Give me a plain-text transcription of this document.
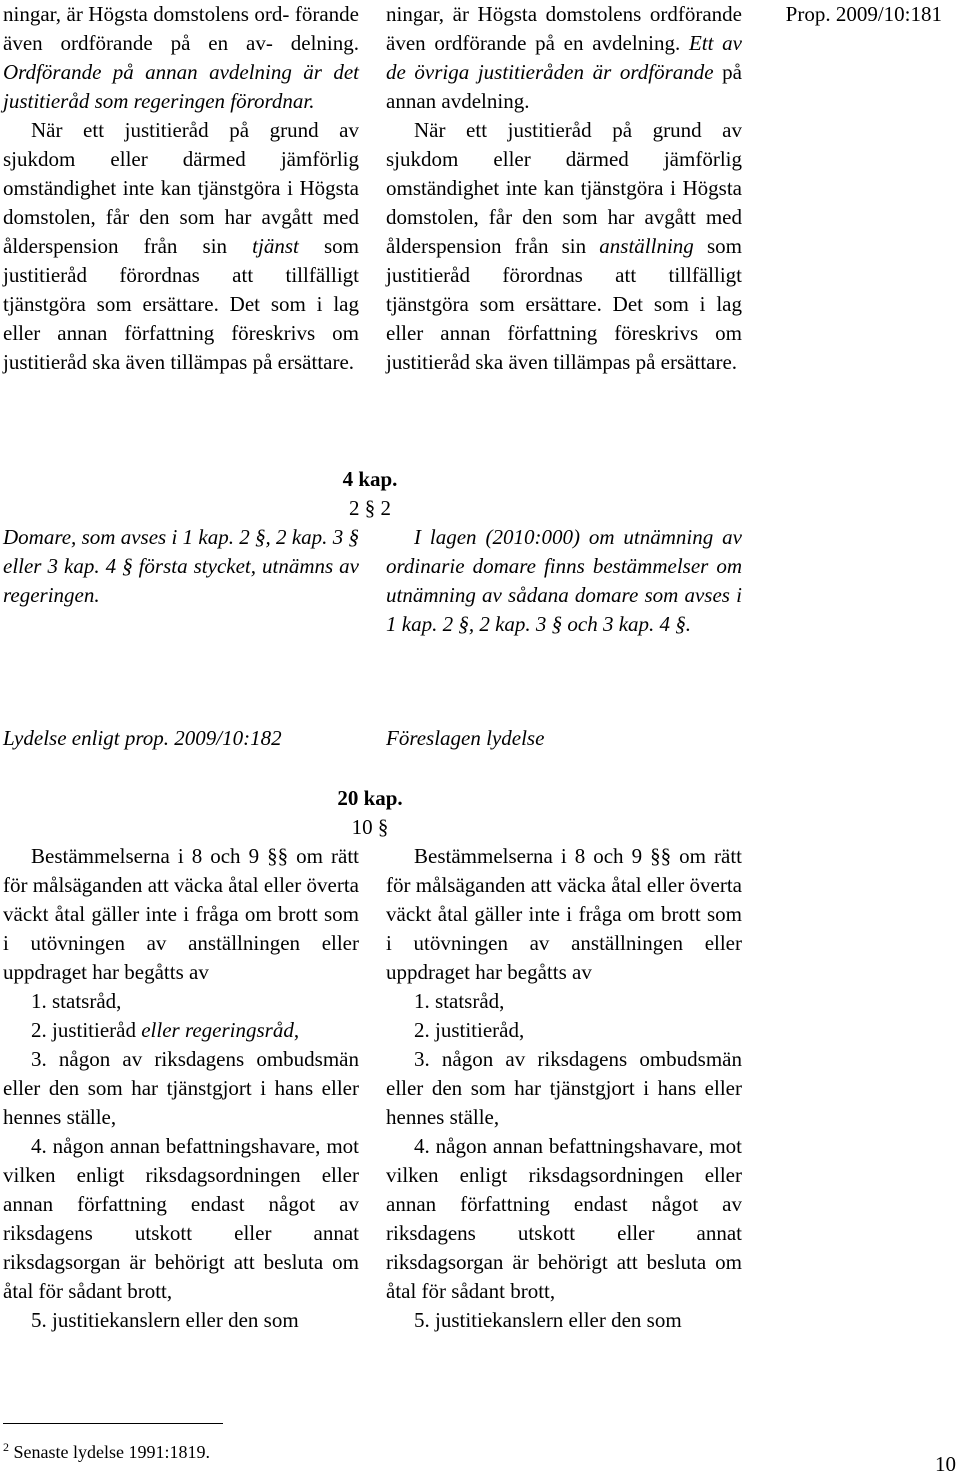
Prop. 2009/10:181

ningar, är Högsta domstolens ord- förande även ordförande på en av- delning. Ordförande på annan avdelning är det justitieråd som regeringen förordnar.

När ett justitieråd på grund av sjukdom eller därmed jämförlig omständighet inte kan tjänstgöra i Högsta domstolen, får den som har avgått med ålderspension från sin tjänst som justitieråd förordnas att tillfälligt tjänstgöra som ersättare. Det som i lag eller annan författning föreskrivs om justitieråd ska även tillämpas på ersättare.

ningar, är Högsta domstolens ordförande även ordförande på en avdelning. Ett av de övriga justitieråden är ordförande på annan avdelning.

När ett justitieråd på grund av sjukdom eller därmed jämförlig omständighet inte kan tjänstgöra i Högsta domstolen, får den som har avgått med ålderspension från sin anställning som justitieråd förordnas att tillfälligt tjänstgöra som ersättare. Det som i lag eller annan författning föreskrivs om justitieråd ska även tillämpas på ersättare.

4 kap.
2 § 2
Domare, som avses i 1 kap. 2 §, 2 kap. 3 § eller 3 kap. 4 § första stycket, utnämns av regeringen.
I lagen (2010:000) om utnämning av ordinarie domare finns bestämmelser om utnämning av sådana domare som avses i 1 kap. 2 §, 2 kap. 3 § och 3 kap. 4 §.
Lydelse enligt prop. 2009/10:182	Föreslagen lydelse
20 kap.
10 §

Bestämmelserna i 8 och 9 §§ om rätt för målsäganden att väcka åtal eller överta väckt åtal gäller inte i fråga om brott som i utövningen av anställningen eller uppdraget har begåtts av

1. statsråd,

2. justitieråd eller regeringsråd,

3. någon av riksdagens ombudsmän eller den som har tjänstgjort i hans eller hennes ställe,

4. någon annan befattningshavare, mot vilken enligt riksdagsordningen eller annan författning endast något av riksdagens utskott eller annat riksdagsorgan är behörigt att besluta om åtal för sådant brott,

5. justitiekanslern eller den som

Bestämmelserna i 8 och 9 §§ om rätt för målsäganden att väcka åtal eller överta väckt åtal gäller inte i fråga om brott som i utövningen av anställningen eller uppdraget har begåtts av

1. statsråd,

2. justitieråd,

3. någon av riksdagens ombudsmän eller den som har tjänstgjort i hans eller hennes ställe,

4. någon annan befattningshavare, mot vilken enligt riksdagsordningen eller annan författning endast något av riksdagens utskott eller annat riksdagsorgan är behörigt att besluta om åtal för sådant brott,

5. justitiekanslern eller den som

$^2$ Senaste lydelse 1991:1819.	10
